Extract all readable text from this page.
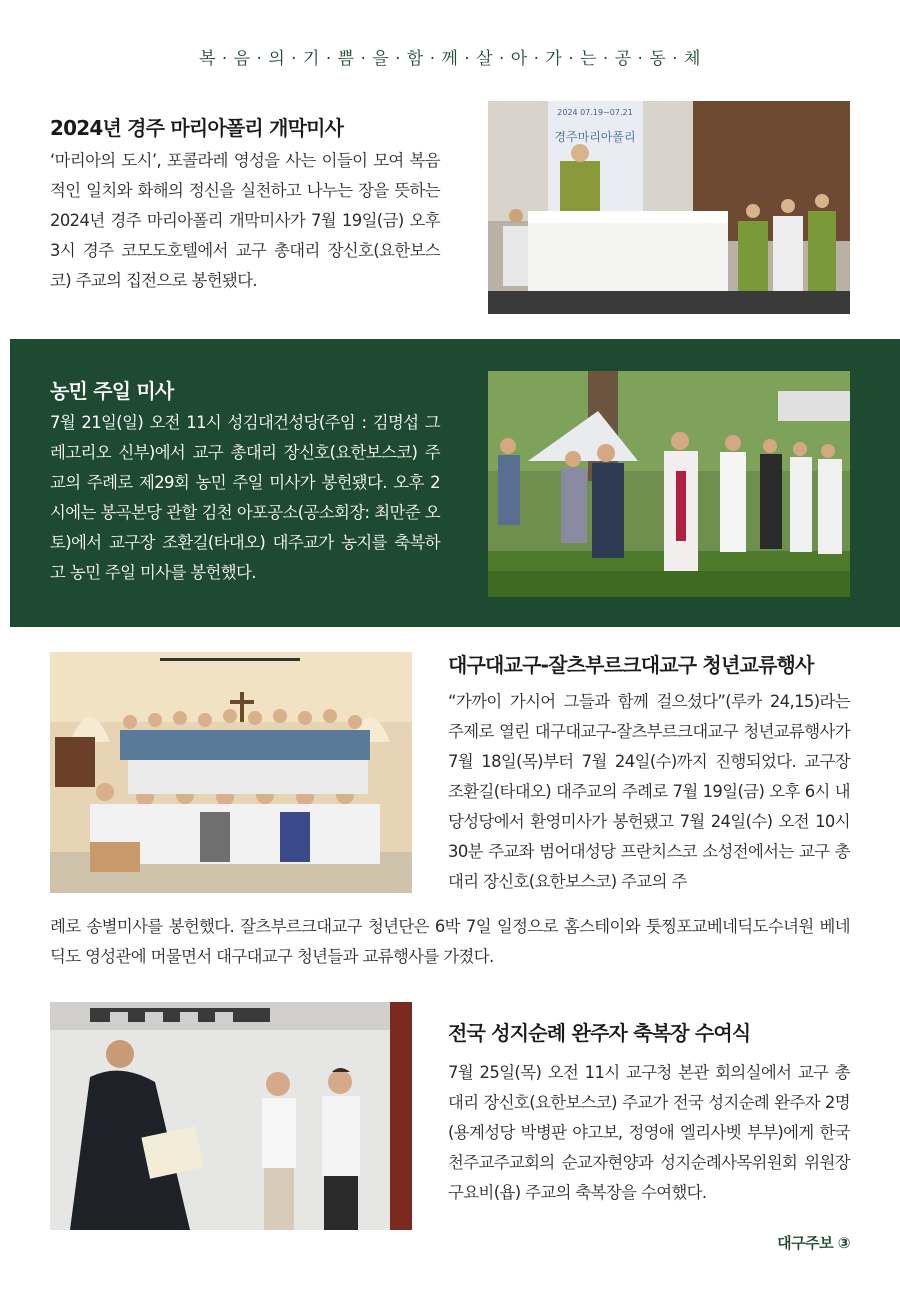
복 · 음 · 의 · 기 · 쁨 · 을 · 함 · 께 · 살 · 아 · 가 · 는 · 공 · 동 · 체
2024년 경주 마리아폴리 개막미사
‘마리아의 도시’, 포콜라레 영성을 사는 이들이 모여 복음적인 일치와 화해의 정신을 실천하고 나누는 장을 뜻하는 2024년 경주 마리아폴리 개막미사가 7월 19일(금) 오후 3시 경주 코모도호텔에서 교구 총대리 장신호(요한보스코) 주교의 집전으로 봉헌됐다.
2024 07.19~07.21
경주마리아폴리
농민 주일 미사
7월 21일(일) 오전 11시 성김대건성당(주임 : 김명섭 그레고리오 신부)에서 교구 총대리 장신호(요한보스코) 주교의 주례로 제29회 농민 주일 미사가 봉헌됐다. 오후 2시에는 봉곡본당 관할 김천 아포공소(공소회장: 최만준 오토)에서 교구장 조환길(타대오) 대주교가 농지를 축복하고 농민 주일 미사를 봉헌했다.
대구대교구-잘츠부르크대교구 청년교류행사
“가까이 가시어 그들과 함께 걸으셨다”(루카 24,15)라는 주제로 열린 대구대교구-잘츠부르크대교구 청년교류행사가 7월 18일(목)부터 7월 24일(수)까지 진행되었다. 교구장 조환길(타대오) 대주교의 주례로 7월 19일(금) 오후 6시 내당성당에서 환영미사가 봉헌됐고 7월 24일(수) 오전 10시 30분 주교좌 범어대성당 프란치스코 소성전에서는 교구 총대리 장신호(요한보스코) 주교의 주
례로 송별미사를 봉헌했다. 잘츠부르크대교구 청년단은 6박 7일 일정으로 홈스테이와 툿찡포교베네딕도수녀원 베네딕도 영성관에 머물면서 대구대교구 청년들과 교류행사를 가졌다.
전국 성지순례 완주자 축복장 수여식
7월 25일(목) 오전 11시 교구청 본관 회의실에서 교구 총대리 장신호(요한보스코) 주교가 전국 성지순례 완주자 2명(용계성당 박병판 야고보, 정영애 엘리사벳 부부)에게 한국천주교주교회의 순교자현양과 성지순례사목위원회 위원장 구요비(욥) 주교의 축복장을 수여했다.
대구주보 ③
